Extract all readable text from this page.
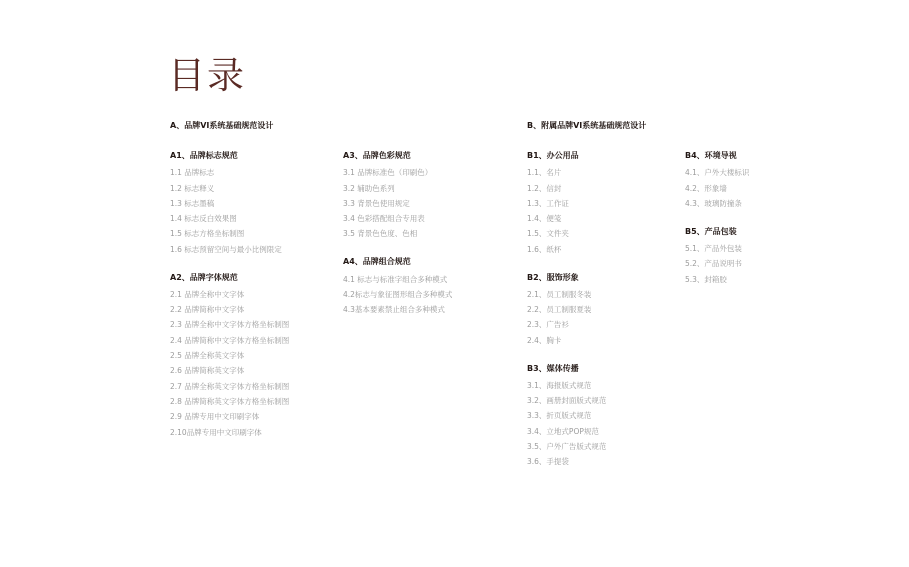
目录
A、品牌VI系统基础规范设计	B、附属品牌VI系统基础规范设计
A1、品牌标志规范
1.1 品牌标志
1.2 标志释义
1.3 标志墨稿
1.4 标志反白效果图
1.5 标志方格坐标制图
1.6 标志预留空间与最小比例限定
A2、品牌字体规范
2.1 品牌全称中文字体
2.2 品牌简称中文字体
2.3 品牌全称中文字体方格坐标制图
2.4 品牌简称中文字体方格坐标制图
2.5 品牌全称英文字体
2.6 品牌简称英文字体
2.7 品牌全称英文字体方格坐标制图
2.8 品牌简称英文字体方格坐标制图
2.9 品牌专用中文印刷字体
2.10品牌专用中文印刷字体
A3、品牌色彩规范
3.1 品牌标准色（印刷色）
3.2 辅助色系列
3.3 背景色使用规定
3.4 色彩搭配组合专用表
3.5 背景色色度、色相
A4、品牌组合规范
4.1 标志与标准字组合多种模式
4.2标志与象征图形组合多种模式
4.3基本要素禁止组合多种模式
B1、办公用品
1.1、名片
1.2、信封
1.3、工作证
1.4、便笺
1.5、文件夹
1.6、纸杯
B2、服饰形象
2.1、员工制服冬装
2.2、员工制服夏装
2.3、广告衫
2.4、胸卡
B3、媒体传播
3.1、海报版式规范
3.2、画册封面版式规范
3.3、折页版式规范
3.4、立地式POP规范
3.5、户外广告版式规范
3.6、手提袋
B4、环境导视
4.1、户外大楼标识
4.2、形象墙
4.3、玻璃防撞条
B5、产品包装
5.1、产品外包装
5.2、产品说明书
5.3、封箱胶
